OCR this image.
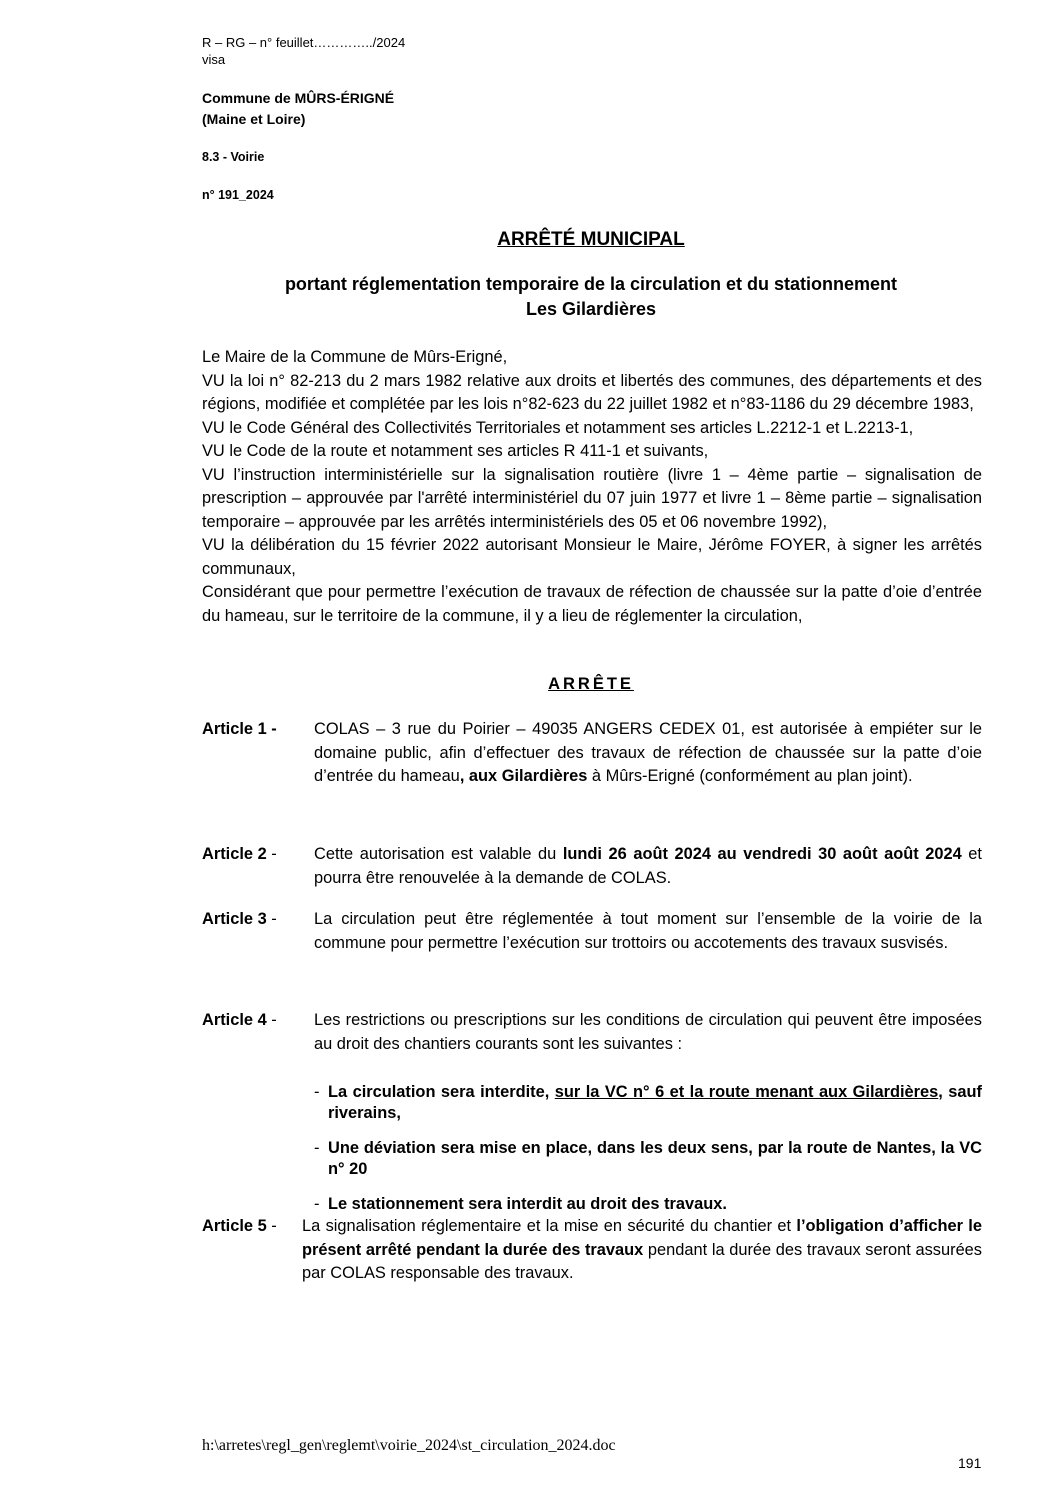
R – RG – n° feuillet…………../2024
visa
Commune de MÛRS-ÉRIGNÉ
(Maine et Loire)
8.3 - Voirie
n° 191_2024
ARRÊTÉ MUNICIPAL
portant réglementation temporaire de la circulation et du stationnement
Les Gilardières

Le Maire de la Commune de Mûrs-Erigné,

VU la loi n° 82-213 du 2 mars 1982 relative aux droits et libertés des communes, des départements et des régions, modifiée et complétée par les lois n°82-623 du 22 juillet 1982 et n°83-1186 du 29 décembre 1983,

VU le Code Général des Collectivités Territoriales et notamment ses articles L.2212-1 et L.2213-1,

VU le Code de la route et notamment ses articles R 411-1 et suivants,

VU l’instruction interministérielle sur la signalisation routière (livre 1 – 4ème partie – signalisation de prescription – approuvée par l'arrêté interministériel du 07 juin 1977 et livre 1 – 8ème partie – signalisation temporaire – approuvée par les arrêtés interministériels des 05 et 06 novembre 1992),

VU la délibération du 15 février 2022 autorisant Monsieur le Maire, Jérôme FOYER, à signer les arrêtés communaux,

Considérant que pour permettre l’exécution de travaux de réfection de chaussée sur la patte d’oie d’entrée du hameau, sur le territoire de la commune, il y a lieu de réglementer la circulation,

ARRÊTE
Article 1 - COLAS – 3 rue du Poirier – 49035 ANGERS CEDEX 01, est autorisée à empiéter sur le domaine public, afin d’effectuer des travaux de réfection de chaussée sur la patte d’oie d’entrée du hameau, aux Gilardières à Mûrs-Erigné (conformément au plan joint).

Article 2 - Cette autorisation est valable du lundi 26 août 2024 au vendredi 30 août août 2024 et pourra être renouvelée à la demande de COLAS.

Article 3 - La circulation peut être réglementée à tout moment sur l’ensemble de la voirie de la commune pour permettre l’exécution sur trottoirs ou accotements des travaux susvisés.

Article 4 - Les restrictions ou prescriptions sur les conditions de circulation qui peuvent être imposées au droit des chantiers courants sont les suivantes :

- La circulation sera interdite, sur la VC n° 6 et la route menant aux Gilardières, sauf riverains,
- Une déviation sera mise en place, dans les deux sens, par la route de Nantes, la VC n° 20
- Le stationnement sera interdit au droit des travaux.
Article 5 - La signalisation réglementaire et la mise en sécurité du chantier et l’obligation d’afficher le présent arrêté pendant la durée des travaux pendant la durée des travaux seront assurées par COLAS responsable des travaux.

h:\arretes\regl_gen\reglemt\voirie_2024\st_circulation_2024.doc
191
